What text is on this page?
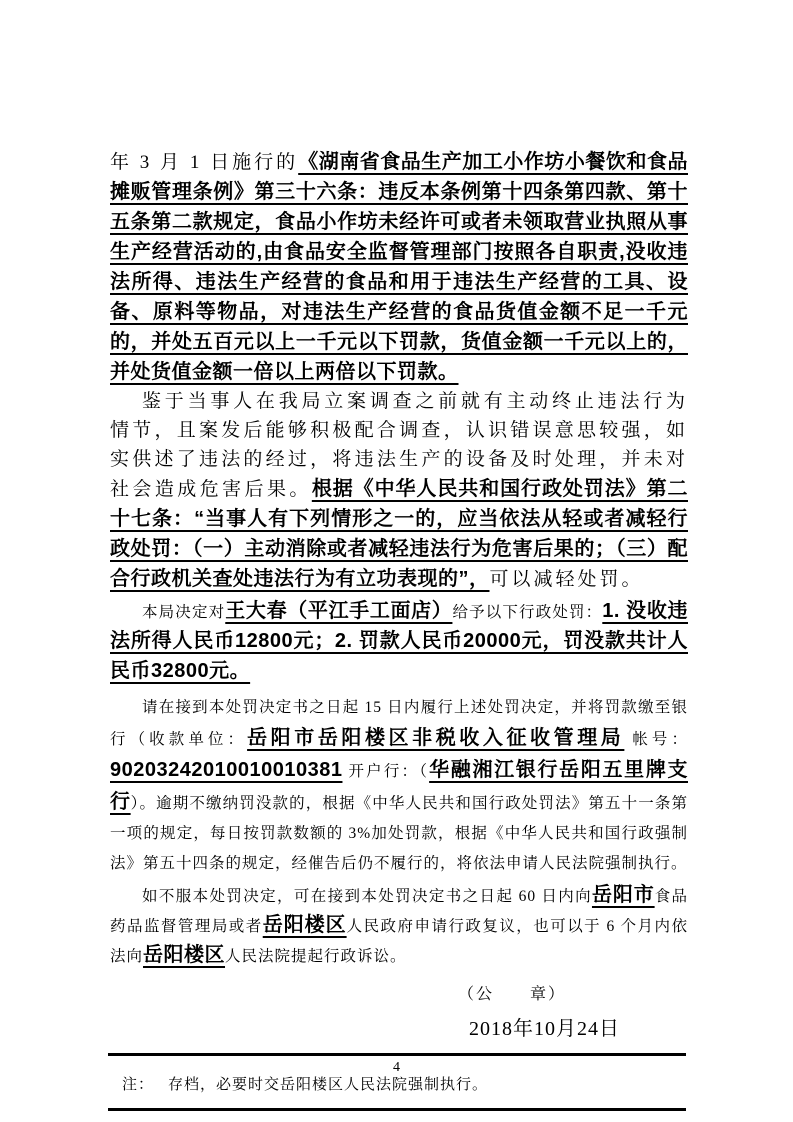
年 3 月 1 日施行的《湖南省食品生产加工小作坊小餐饮和食品摊贩管理条例》第三十六条：违反本条例第十四条第四款、第十五条第二款规定，食品小作坊未经许可或者未领取营业执照从事生产经营活动的,由食品安全监督管理部门按照各自职责,没收违法所得、违法生产经营的食品和用于违法生产经营的工具、设备、原料等物品，对违法生产经营的食品货值金额不足一千元的，并处五百元以上一千元以下罚款，货值金额一千元以上的，并处货值金额一倍以上两倍以下罚款。

鉴于当事人在我局立案调查之前就有主动终止违法行为情节，且案发后能够积极配合调查，认识错误意思较强，如实供述了违法的经过，将违法生产的设备及时处理，并未对社会造成危害后果。根据《中华人民共和国行政处罚法》第二十七条：“当事人有下列情形之一的，应当依法从轻或者减轻行政处罚：（一）主动消除或者减轻违法行为危害后果的；（三）配合行政机关查处违法行为有立功表现的”，可以减轻处罚。

本局决定对王大春（平江手工面店）给予以下行政处罚：1. 没收违法所得人民币12800元；2. 罚款人民币20000元，罚没款共计人民币32800元。

请在接到本处罚决定书之日起 15 日内履行上述处罚决定，并将罚款缴至银行（收款单位：岳阳市岳阳楼区非税收入征收管理局 帐号：90203242010010010381 开户行：（华融湘江银行岳阳五里牌支行）。逾期不缴纳罚没款的，根据《中华人民共和国行政处罚法》第五十一条第一项的规定，每日按罚款数额的 3%加处罚款，根据《中华人民共和国行政强制法》第五十四条的规定，经催告后仍不履行的，将依法申请人民法院强制执行。

如不服本处罚决定，可在接到本处罚决定书之日起 60 日内向岳阳市食品药品监督管理局或者岳阳楼区人民政府申请行政复议，也可以于 6 个月内依法向岳阳楼区人民法院提起行政诉讼。

（公　　章）
2018年10月24日
注： 存档，必要时交岳阳楼区人民法院强制执行。
4
